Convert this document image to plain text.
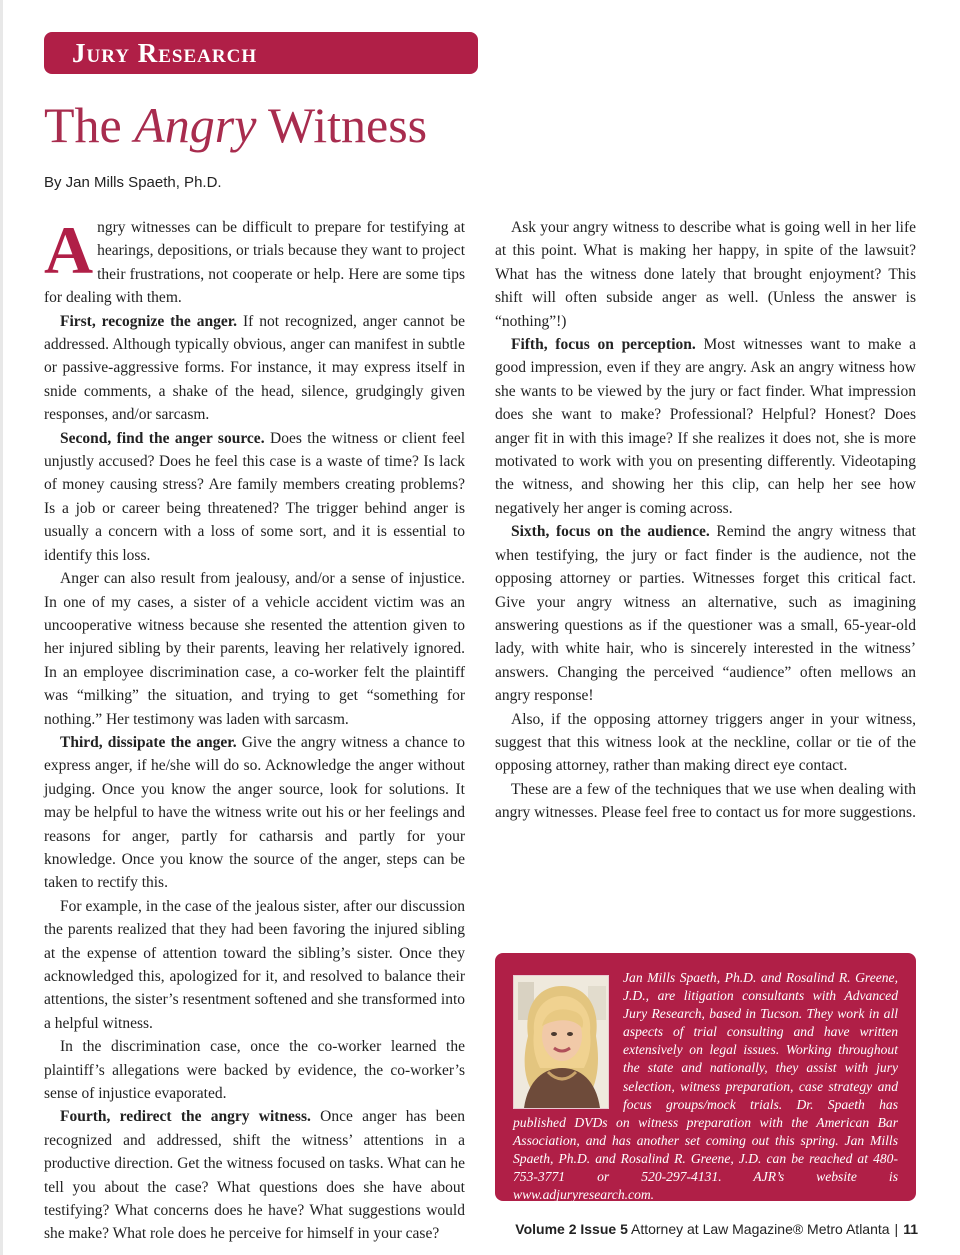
Jury Research
The Angry Witness
By Jan Mills Spaeth, Ph.D.

Angry witnesses can be difficult to prepare for testifying at hearings, depositions, or trials because they want to project their frustrations, not cooperate or help. Here are some tips for dealing with them.

First, recognize the anger. If not recognized, anger cannot be addressed. Although typically obvious, anger can manifest in subtle or passive-aggressive forms. For instance, it may express itself in snide comments, a shake of the head, silence, grudgingly given responses, and/or sarcasm.

Second, find the anger source. Does the witness or client feel unjustly accused? Does he feel this case is a waste of time? Is lack of money causing stress? Are family members creating problems? Is a job or career being threatened? The trigger behind anger is usually a concern with a loss of some sort, and it is essential to identify this loss.

Anger can also result from jealousy, and/or a sense of injustice. In one of my cases, a sister of a vehicle accident victim was an uncooperative witness because she resented the attention given to her injured sibling by their parents, leaving her relatively ignored. In an employee discrimination case, a co-worker felt the plaintiff was “milking” the situation, and trying to get “something for nothing.” Her testimony was laden with sarcasm.

Third, dissipate the anger. Give the angry witness a chance to express anger, if he/she will do so. Acknowledge the anger without judging. Once you know the anger source, look for solutions. It may be helpful to have the witness write out his or her feelings and reasons for anger, partly for catharsis and partly for your knowledge. Once you know the source of the anger, steps can be taken to rectify this.

For example, in the case of the jealous sister, after our discussion the parents realized that they had been favoring the injured sibling at the expense of attention toward the sibling’s sister. Once they acknowledged this, apologized for it, and resolved to balance their attentions, the sister’s resentment softened and she transformed into a helpful witness.

In the discrimination case, once the co-worker learned the plaintiff’s allegations were backed by evidence, the co-worker’s sense of injustice evaporated.

Fourth, redirect the angry witness. Once anger has been recognized and addressed, shift the witness’ attentions in a productive direction. Get the witness focused on tasks. What can he tell you about the case? What questions does she have about testifying? What concerns does he have? What suggestions would she make? What role does he perceive for himself in your case?

Ask your angry witness to describe what is going well in her life at this point. What is making her happy, in spite of the lawsuit? What has the witness done lately that brought enjoyment? This shift will often subside anger as well. (Unless the answer is “nothing”!)

Fifth, focus on perception. Most witnesses want to make a good impression, even if they are angry. Ask an angry witness how she wants to be viewed by the jury or fact finder. What impression does she want to make? Professional? Helpful? Honest? Does anger fit in with this image? If she realizes it does not, she is more motivated to work with you on presenting differently. Videotaping the witness, and showing her this clip, can help her see how negatively her anger is coming across.

Sixth, focus on the audience. Remind the angry witness that when testifying, the jury or fact finder is the audience, not the opposing attorney or parties. Witnesses forget this critical fact. Give your angry witness an alternative, such as imagining answering questions as if the questioner was a small, 65-year-old lady, with white hair, who is sincerely interested in the witness’ answers. Changing the perceived “audience” often mellows an angry response!

Also, if the opposing attorney triggers anger in your witness, suggest that this witness look at the neckline, collar or tie of the opposing attorney, rather than making direct eye contact.

These are a few of the techniques that we use when dealing with angry witnesses. Please feel free to contact us for more suggestions.

Jan Mills Spaeth, Ph.D. and Rosalind R. Greene, J.D., are litigation consultants with Advanced Jury Research, based in Tucson. They work in all aspects of trial consulting and have written extensively on legal issues. Working throughout the state and nationally, they assist with jury selection, witness preparation, case strategy and focus groups/mock trials. Dr. Spaeth has published DVDs on witness preparation with the American Bar Association, and has another set coming out this spring. Jan Mills Spaeth, Ph.D. and Rosalind R. Greene, J.D. can be reached at 480-753-3771 or 520-297-4131. AJR’s website is www.adjuryresearch.com.

Volume 2 Issue 5 Attorney at Law Magazine® Metro Atlanta | 11
